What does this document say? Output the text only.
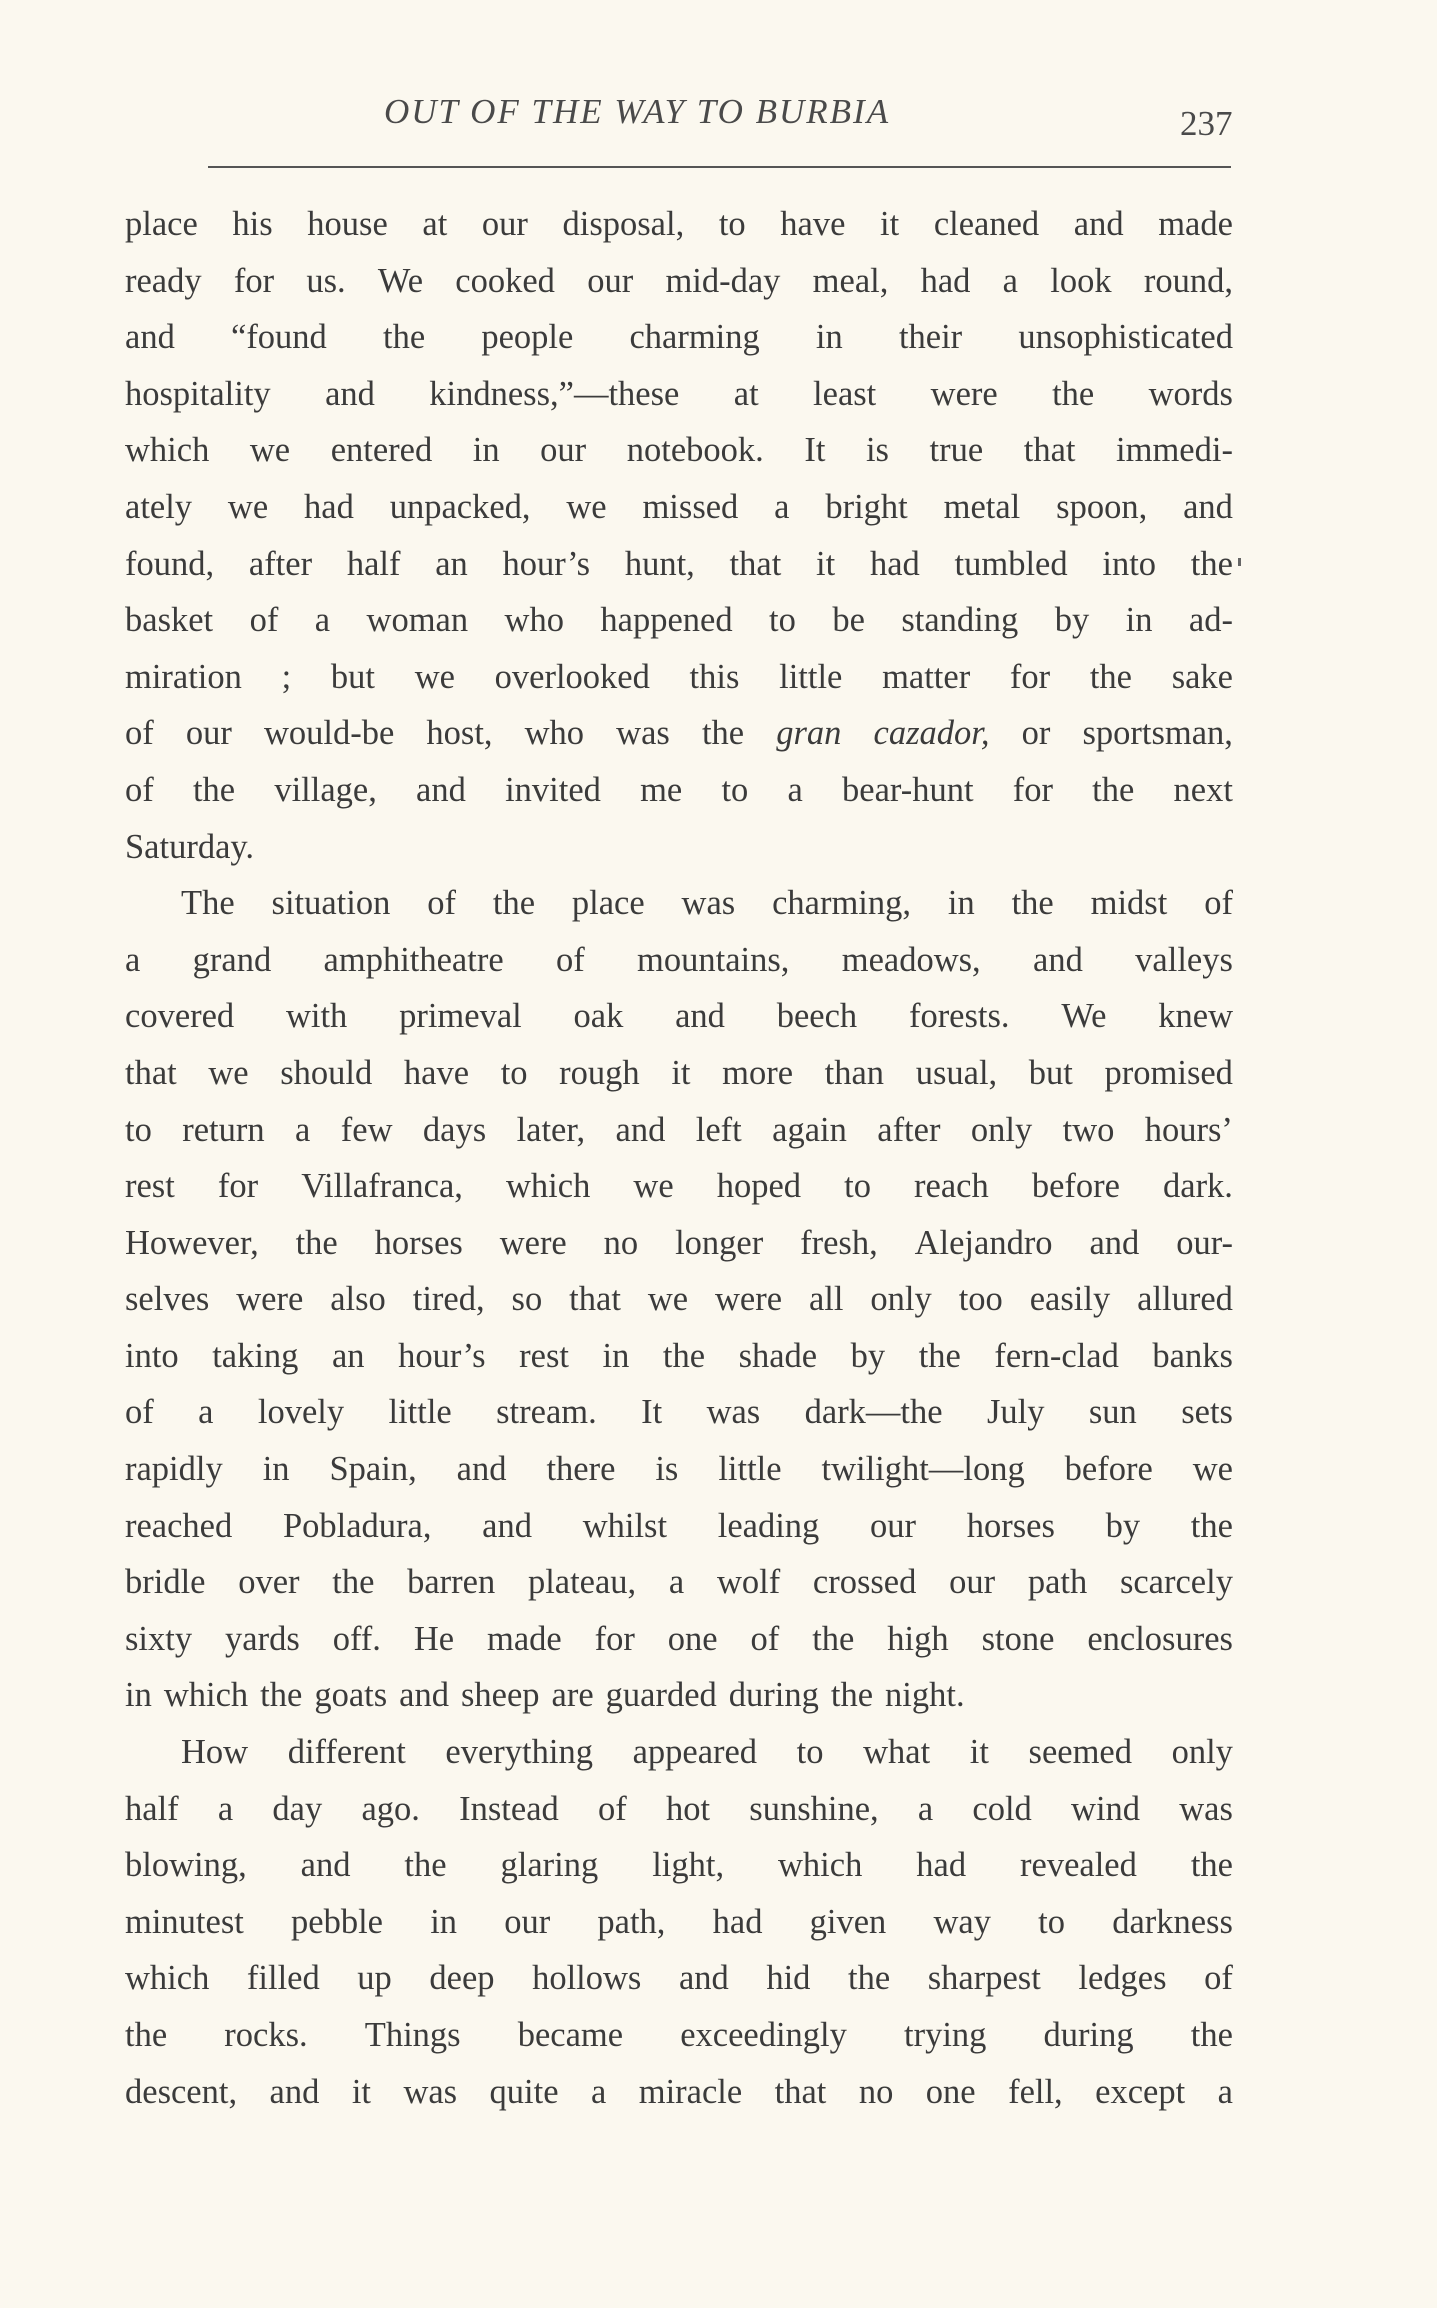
OUT OF THE WAY TO BURBIA	237
place his house at our disposal, to have it cleaned and made
ready for us. We cooked our mid-day meal, had a look round,
and “found the people charming in their unsophisticated
hospitality and kindness,”—these at least were the words
which we entered in our notebook. It is true that immedi-
ately we had unpacked, we missed a bright metal spoon, and
found, after half an hour’s hunt, that it had tumbled into the
basket of a woman who happened to be standing by in ad-
miration ; but we overlooked this little matter for the sake
of our would-be host, who was the gran cazador, or sportsman,
of the village, and invited me to a bear-hunt for the next
Saturday.
The situation of the place was charming, in the midst of
a grand amphitheatre of mountains, meadows, and valleys
covered with primeval oak and beech forests. We knew
that we should have to rough it more than usual, but promised
to return a few days later, and left again after only two hours’
rest for Villafranca, which we hoped to reach before dark.
However, the horses were no longer fresh, Alejandro and our-
selves were also tired, so that we were all only too easily allured
into taking an hour’s rest in the shade by the fern-clad banks
of a lovely little stream. It was dark—the July sun sets
rapidly in Spain, and there is little twilight—long before we
reached Pobladura, and whilst leading our horses by the
bridle over the barren plateau, a wolf crossed our path scarcely
sixty yards off. He made for one of the high stone enclosures
in which the goats and sheep are guarded during the night.
How different everything appeared to what it seemed only
half a day ago. Instead of hot sunshine, a cold wind was
blowing, and the glaring light, which had revealed the
minutest pebble in our path, had given way to darkness
which filled up deep hollows and hid the sharpest ledges of
the rocks. Things became exceedingly trying during the
descent, and it was quite a miracle that no one fell, except a
